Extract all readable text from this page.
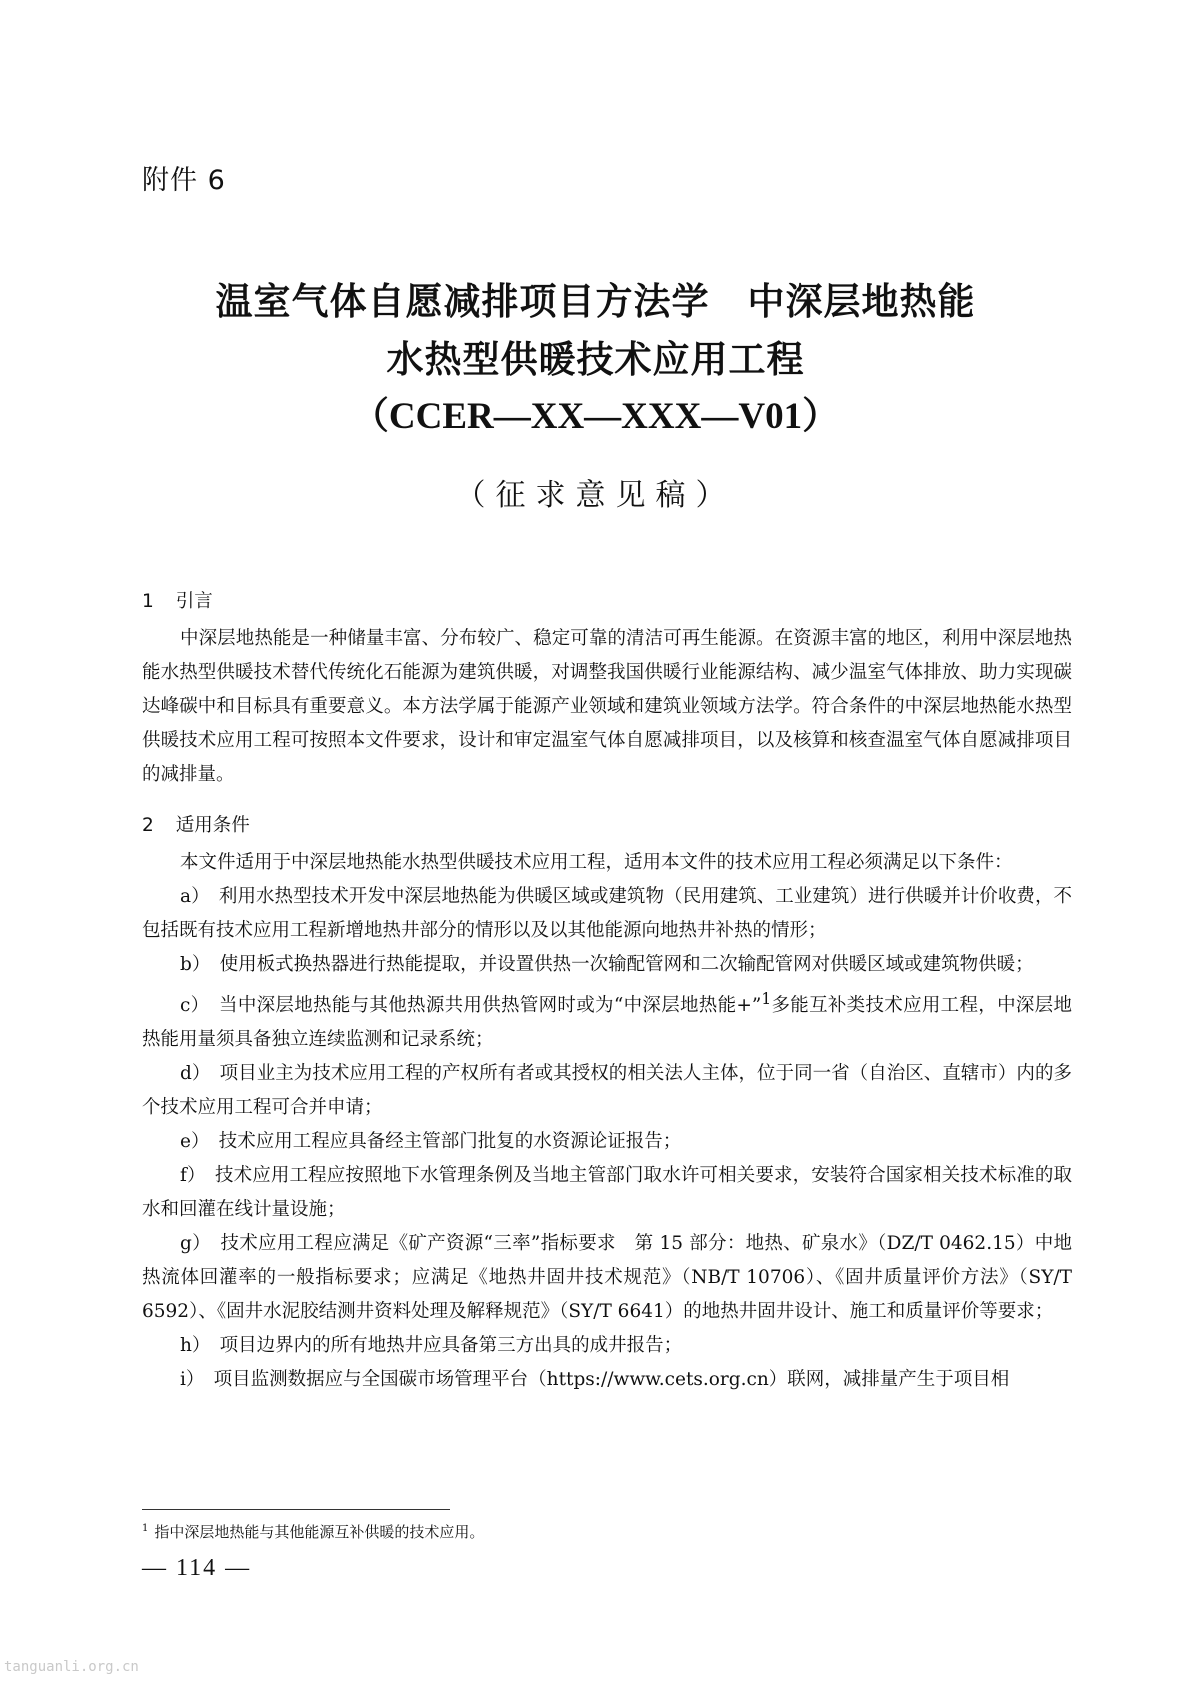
附件 6
温室气体自愿减排项目方法学　中深层地热能
水热型供暖技术应用工程
（CCER—XX—XXX—V01）
（征求意见稿）
1 引言

中深层地热能是一种储量丰富、分布较广、稳定可靠的清洁可再生能源。在资源丰富的地区，利用中深层地热能水热型供暖技术替代传统化石能源为建筑供暖，对调整我国供暖行业能源结构、减少温室气体排放、助力实现碳达峰碳中和目标具有重要意义。本方法学属于能源产业领域和建筑业领域方法学。符合条件的中深层地热能水热型供暖技术应用工程可按照本文件要求，设计和审定温室气体自愿减排项目，以及核算和核查温室气体自愿减排项目的减排量。

2 适用条件

本文件适用于中深层地热能水热型供暖技术应用工程，适用本文件的技术应用工程必须满足以下条件：

a）　利用水热型技术开发中深层地热能为供暖区域或建筑物（民用建筑、工业建筑）进行供暖并计价收费，不包括既有技术应用工程新增地热井部分的情形以及以其他能源向地热井补热的情形；

b）　使用板式换热器进行热能提取，并设置供热一次输配管网和二次输配管网对供暖区域或建筑物供暖；

c）　当中深层地热能与其他热源共用供热管网时或为“中深层地热能+”$^1$多能互补类技术应用工程，中深层地热能用量须具备独立连续监测和记录系统；

d）　项目业主为技术应用工程的产权所有者或其授权的相关法人主体，位于同一省（自治区、直辖市）内的多个技术应用工程可合并申请；

e）　技术应用工程应具备经主管部门批复的水资源论证报告；

f）　技术应用工程应按照地下水管理条例及当地主管部门取水许可相关要求，安装符合国家相关技术标准的取水和回灌在线计量设施；

g）　技术应用工程应满足《矿产资源“三率”指标要求　第 15 部分：地热、矿泉水》（DZ/T 0462.15）中地热流体回灌率的一般指标要求；应满足《地热井固井技术规范》（NB/T 10706）、《固井质量评价方法》（SY/T 6592）、《固井水泥胶结测井资料处理及解释规范》（SY/T 6641）的地热井固井设计、施工和质量评价等要求；

h）　项目边界内的所有地热井应具备第三方出具的成井报告；

i）　项目监测数据应与全国碳市场管理平台（https://www.cets.org.cn）联网，减排量产生于项目相

$^1$ 指中深层地热能与其他能源互补供暖的技术应用。
— 114 —
tanguanli.org.cn
